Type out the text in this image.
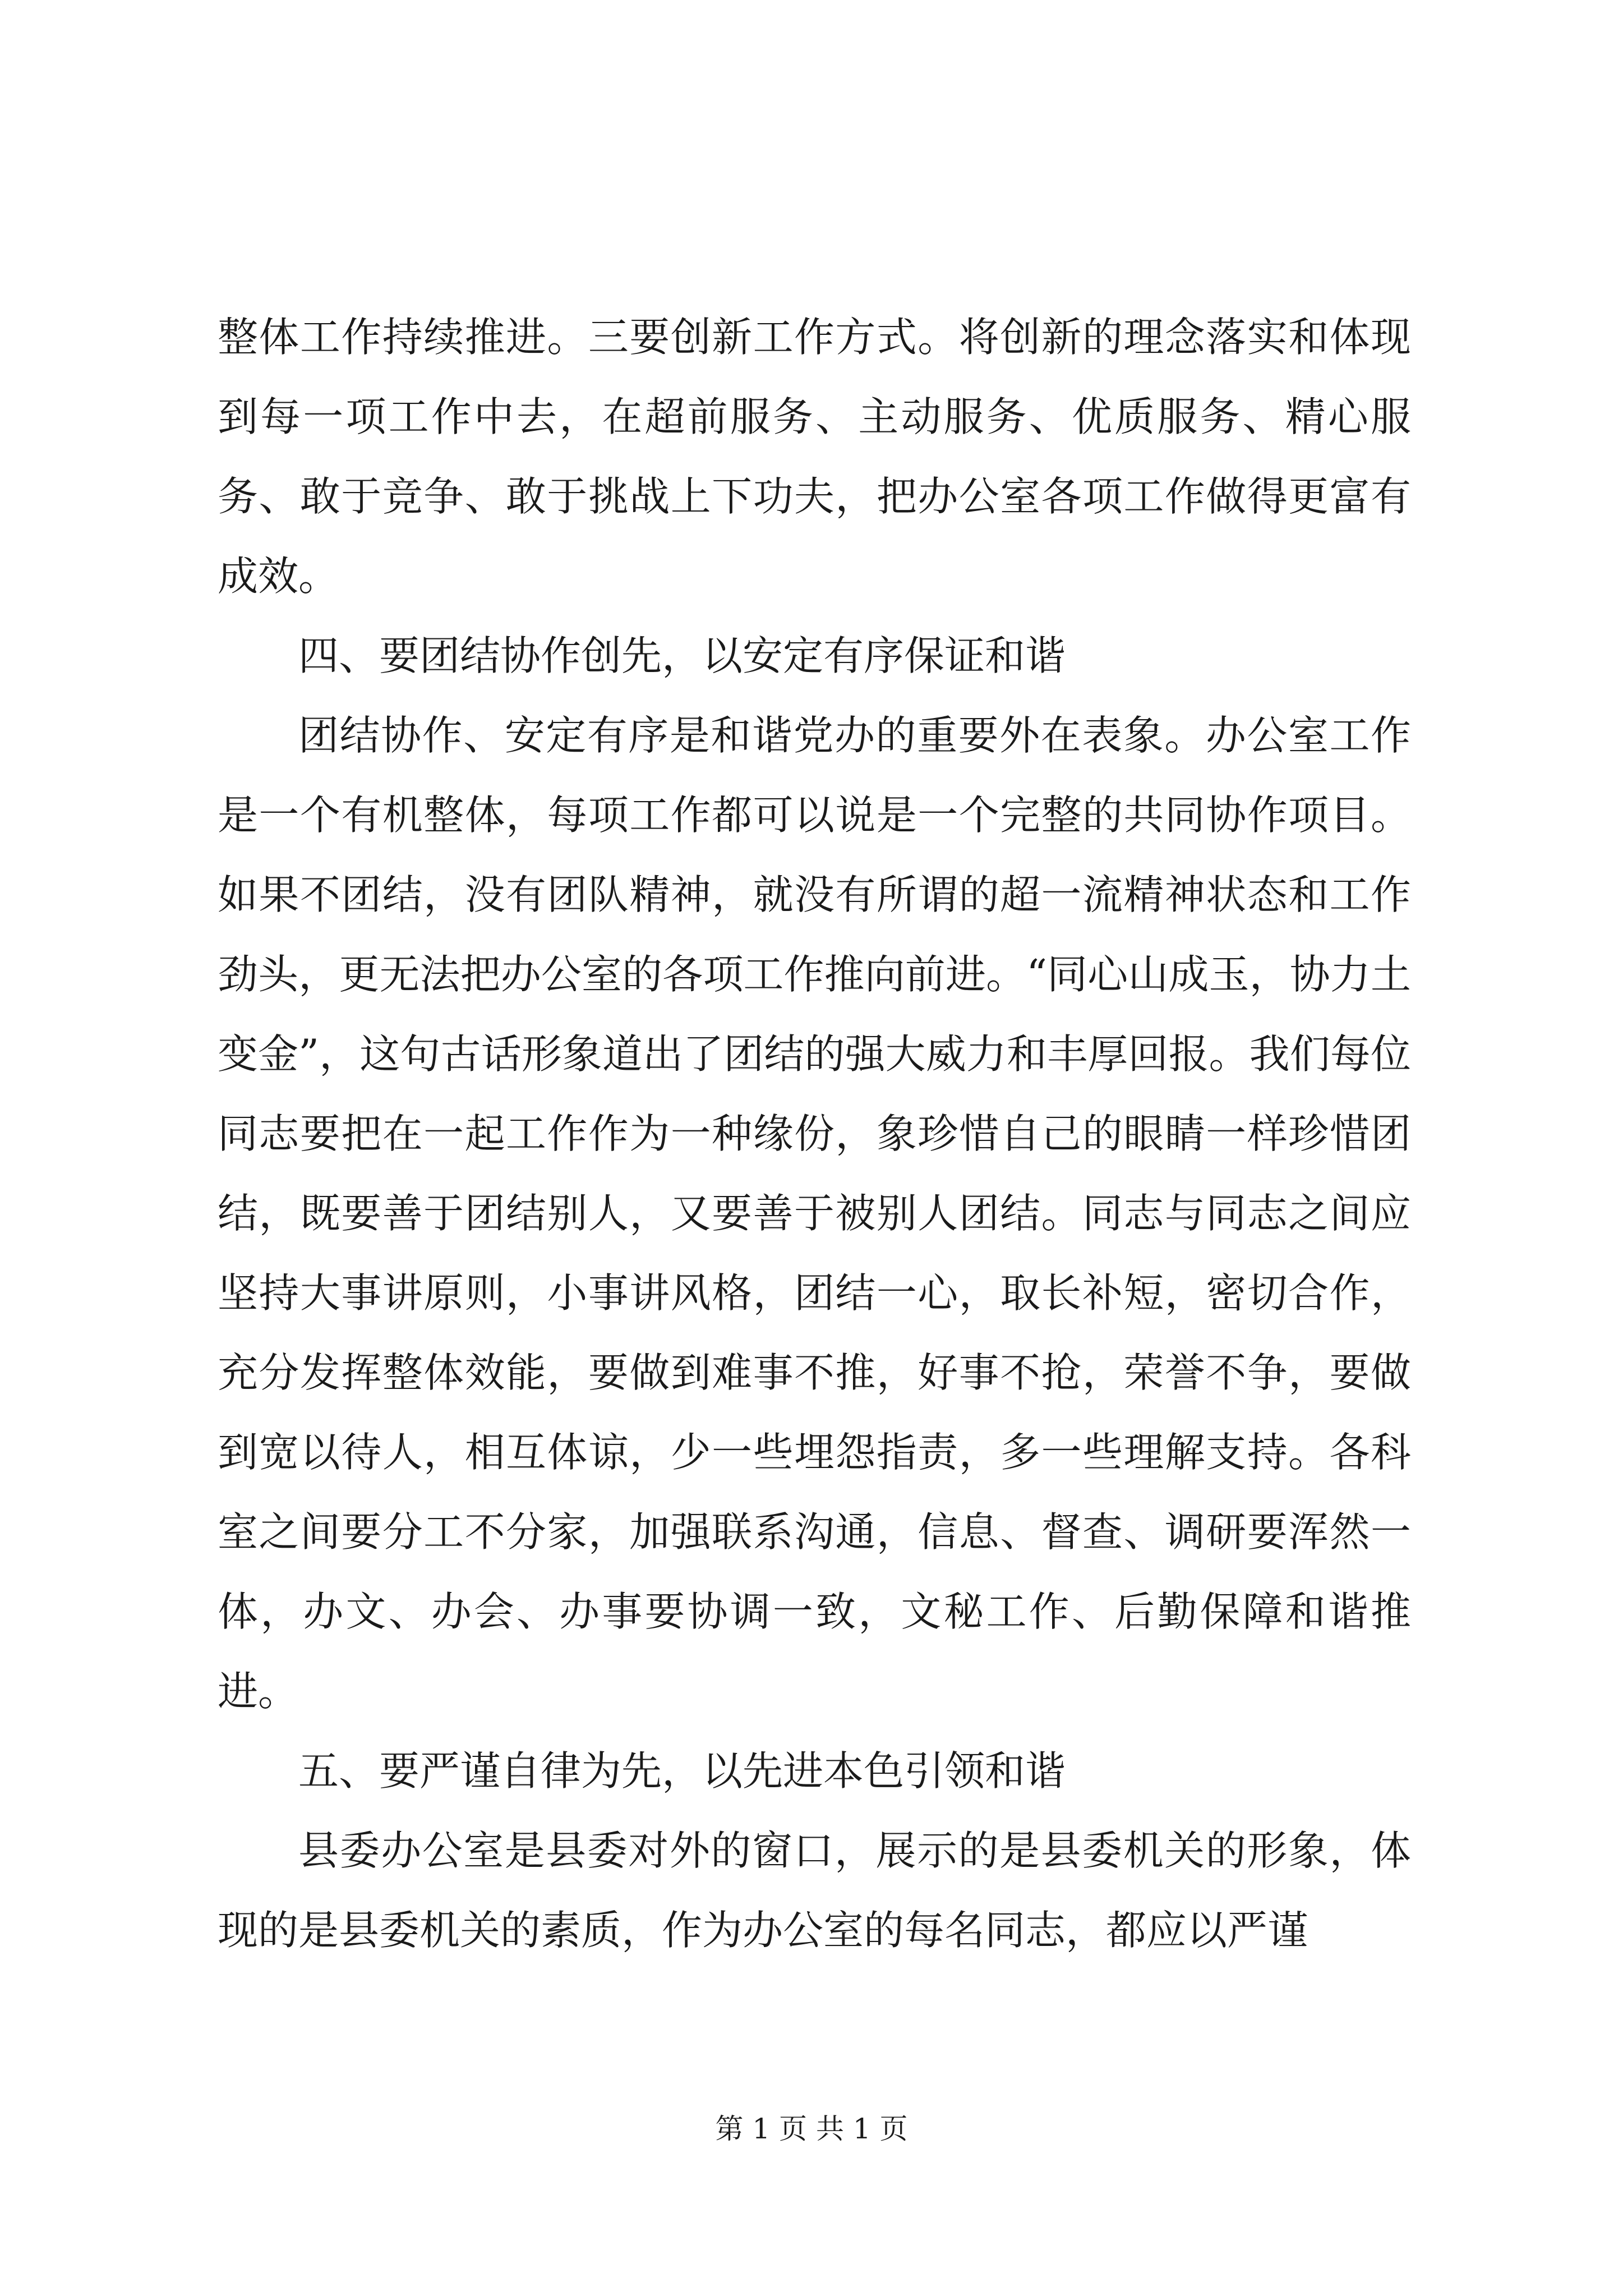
整体工作持续推进。三要创新工作方式。将创新的理念落实和体现到每一项工作中去，在超前服务、主动服务、优质服务、精心服务、敢于竞争、敢于挑战上下功夫，把办公室各项工作做得更富有成效。

四、要团结协作创先，以安定有序保证和谐

团结协作、安定有序是和谐党办的重要外在表象。办公室工作是一个有机整体，每项工作都可以说是一个完整的共同协作项目。如果不团结，没有团队精神，就没有所谓的超一流精神状态和工作劲头，更无法把办公室的各项工作推向前进。“同心山成玉，协力土变金”，这句古话形象道出了团结的强大威力和丰厚回报。我们每位同志要把在一起工作作为一种缘份，象珍惜自己的眼睛一样珍惜团结，既要善于团结别人，又要善于被别人团结。同志与同志之间应坚持大事讲原则，小事讲风格，团结一心，取长补短，密切合作，充分发挥整体效能，要做到难事不推，好事不抢，荣誉不争，要做到宽以待人，相互体谅，少一些埋怨指责，多一些理解支持。各科室之间要分工不分家，加强联系沟通，信息、督查、调研要浑然一体，办文、办会、办事要协调一致，文秘工作、后勤保障和谐推进。

五、要严谨自律为先，以先进本色引领和谐

县委办公室是县委对外的窗口，展示的是县委机关的形象，体现的是县委机关的素质，作为办公室的每名同志，都应以严谨

第 1 页 共 1 页
